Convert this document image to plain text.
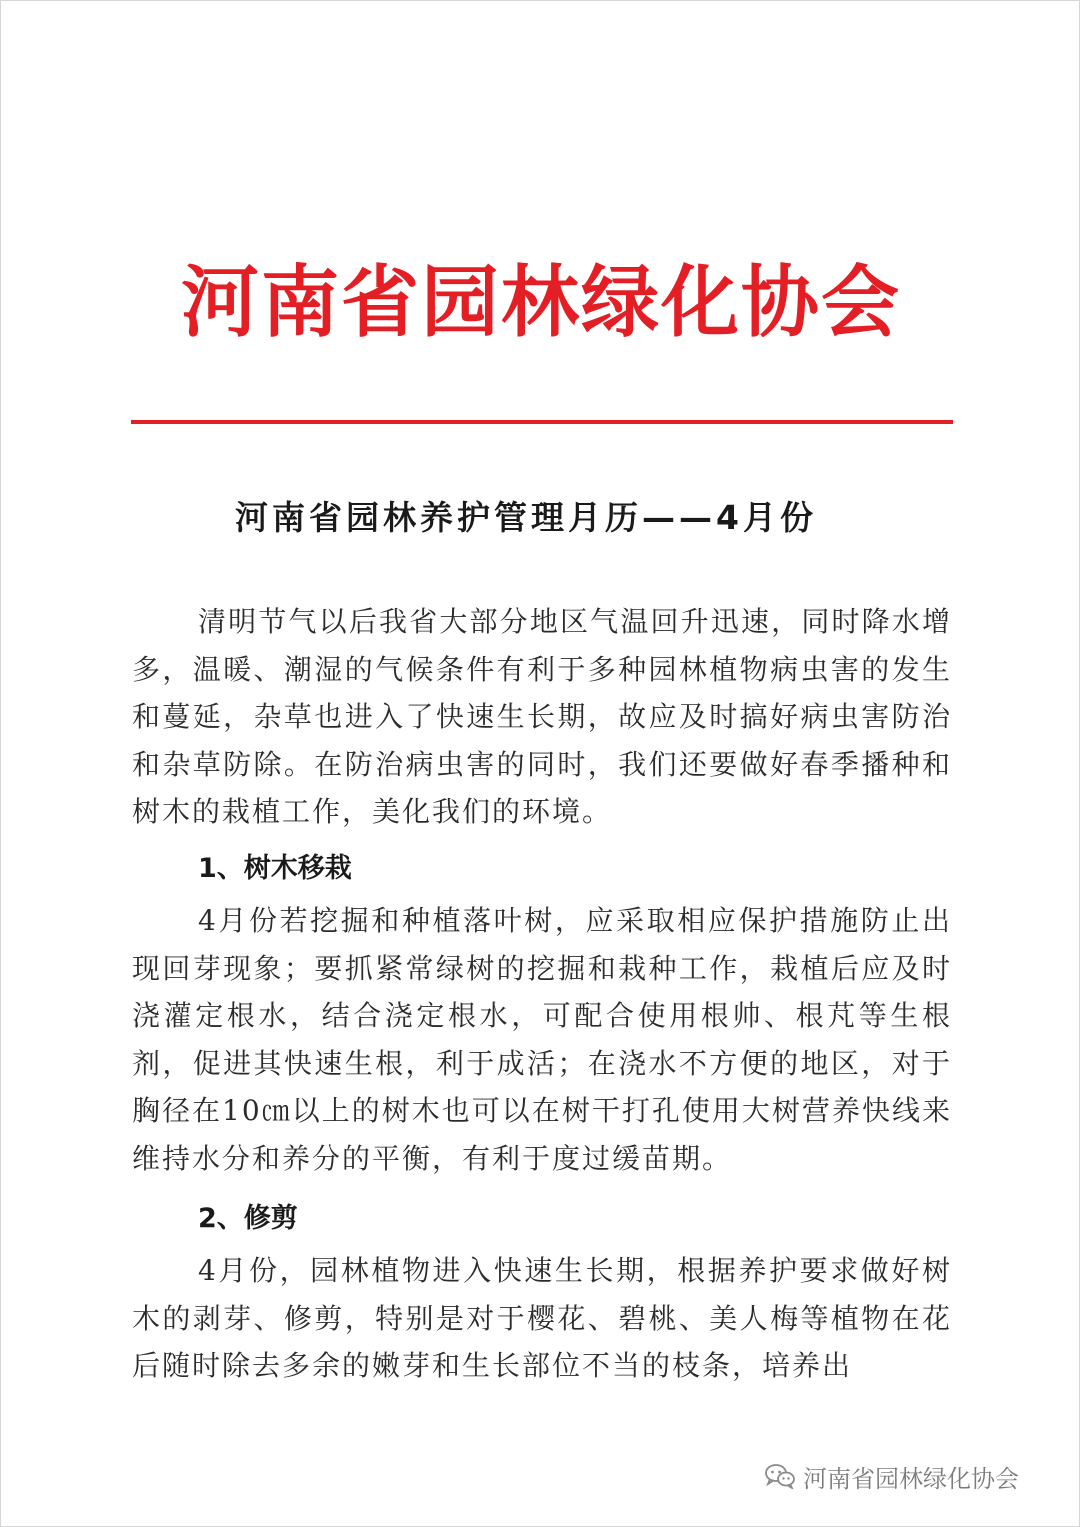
河南省园林绿化协会
河南省园林养护管理月历——4月份

清明节气以后我省大部分地区气温回升迅速，同时降水增多，温暖、潮湿的气候条件有利于多种园林植物病虫害的发生和蔓延，杂草也进入了快速生长期，故应及时搞好病虫害防治和杂草防除。在防治病虫害的同时，我们还要做好春季播种和树木的栽植工作，美化我们的环境。

1、树木移栽

4月份若挖掘和种植落叶树，应采取相应保护措施防止出现回芽现象；要抓紧常绿树的挖掘和栽种工作，栽植后应及时浇灌定根水，结合浇定根水，可配合使用根帅、根芃等生根剂，促进其快速生根，利于成活；在浇水不方便的地区，对于胸径在10㎝以上的树木也可以在树干打孔使用大树营养快线来维持水分和养分的平衡，有利于度过缓苗期。

2、修剪

4月份，园林植物进入快速生长期，根据养护要求做好树木的剥芽、修剪，特别是对于樱花、碧桃、美人梅等植物在花后随时除去多余的嫩芽和生长部位不当的枝条，培养出

河南省园林绿化协会
